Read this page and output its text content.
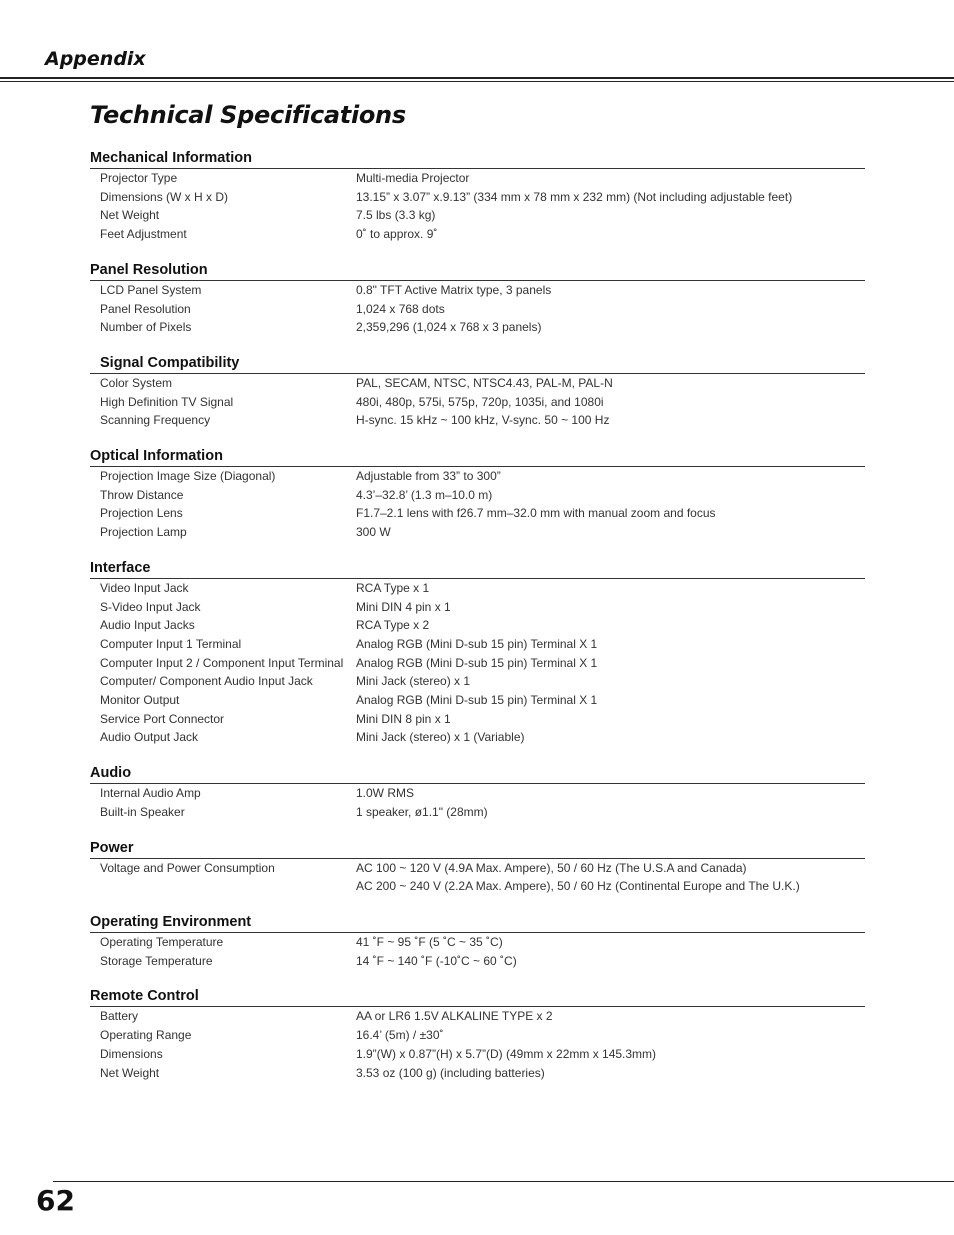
Appendix
Technical Specifications
Mechanical Information
Projector Type	Multi-media Projector
Dimensions (W x H x D)	13.15” x 3.07” x.9.13” (334 mm x 78 mm x 232 mm) (Not including adjustable feet)
Net Weight	7.5 lbs (3.3 kg)
Feet Adjustment	0˚ to approx. 9˚
Panel Resolution
LCD Panel System	0.8" TFT Active Matrix type, 3 panels
Panel Resolution	1,024 x 768 dots
Number of Pixels	2,359,296 (1,024 x 768 x 3 panels)
Signal Compatibility
Color System	PAL, SECAM, NTSC, NTSC4.43, PAL-M, PAL-N
High Definition TV Signal	480i, 480p, 575i, 575p, 720p, 1035i, and 1080i
Scanning Frequency	H-sync. 15 kHz ~ 100 kHz, V-sync. 50 ~ 100 Hz
Optical Information
Projection Image Size (Diagonal)	Adjustable from 33” to 300”
Throw Distance	4.3’–32.8’ (1.3 m–10.0 m)
Projection Lens	F1.7–2.1 lens with f26.7 mm–32.0 mm with manual zoom and focus
Projection Lamp	300 W
Interface
Video Input Jack	RCA Type x 1
S-Video Input Jack	Mini DIN 4 pin x 1
Audio Input Jacks	RCA Type x 2
Computer Input 1 Terminal	Analog RGB (Mini D-sub 15 pin) Terminal X 1
Computer Input 2 / Component Input Terminal	Analog RGB (Mini D-sub 15 pin) Terminal X 1
Computer/ Component Audio Input Jack	Mini Jack (stereo) x 1
Monitor Output	Analog RGB (Mini D-sub 15 pin) Terminal X 1
Service Port Connector	Mini DIN 8 pin x 1
Audio Output Jack	Mini Jack (stereo) x 1 (Variable)
Audio
Internal Audio Amp	1.0W RMS
Built-in Speaker	1 speaker, ø1.1" (28mm)
Power
Voltage and Power Consumption	AC 100 ~ 120 V (4.9A Max. Ampere), 50 / 60 Hz (The U.S.A and Canada)
AC 200 ~ 240 V (2.2A Max. Ampere), 50 / 60 Hz (Continental Europe and The U.K.)
Operating Environment
Operating Temperature	41 ˚F ~ 95 ˚F (5 ˚C ~ 35 ˚C)
Storage Temperature	14 ˚F ~ 140 ˚F (-10˚C ~ 60 ˚C)
Remote Control
Battery	AA or LR6 1.5V ALKALINE TYPE x 2
Operating Range	16.4’ (5m) / ±30˚
Dimensions	1.9”(W) x 0.87”(H) x 5.7”(D) (49mm x 22mm x 145.3mm)
Net Weight	3.53 oz (100 g) (including batteries)
62
